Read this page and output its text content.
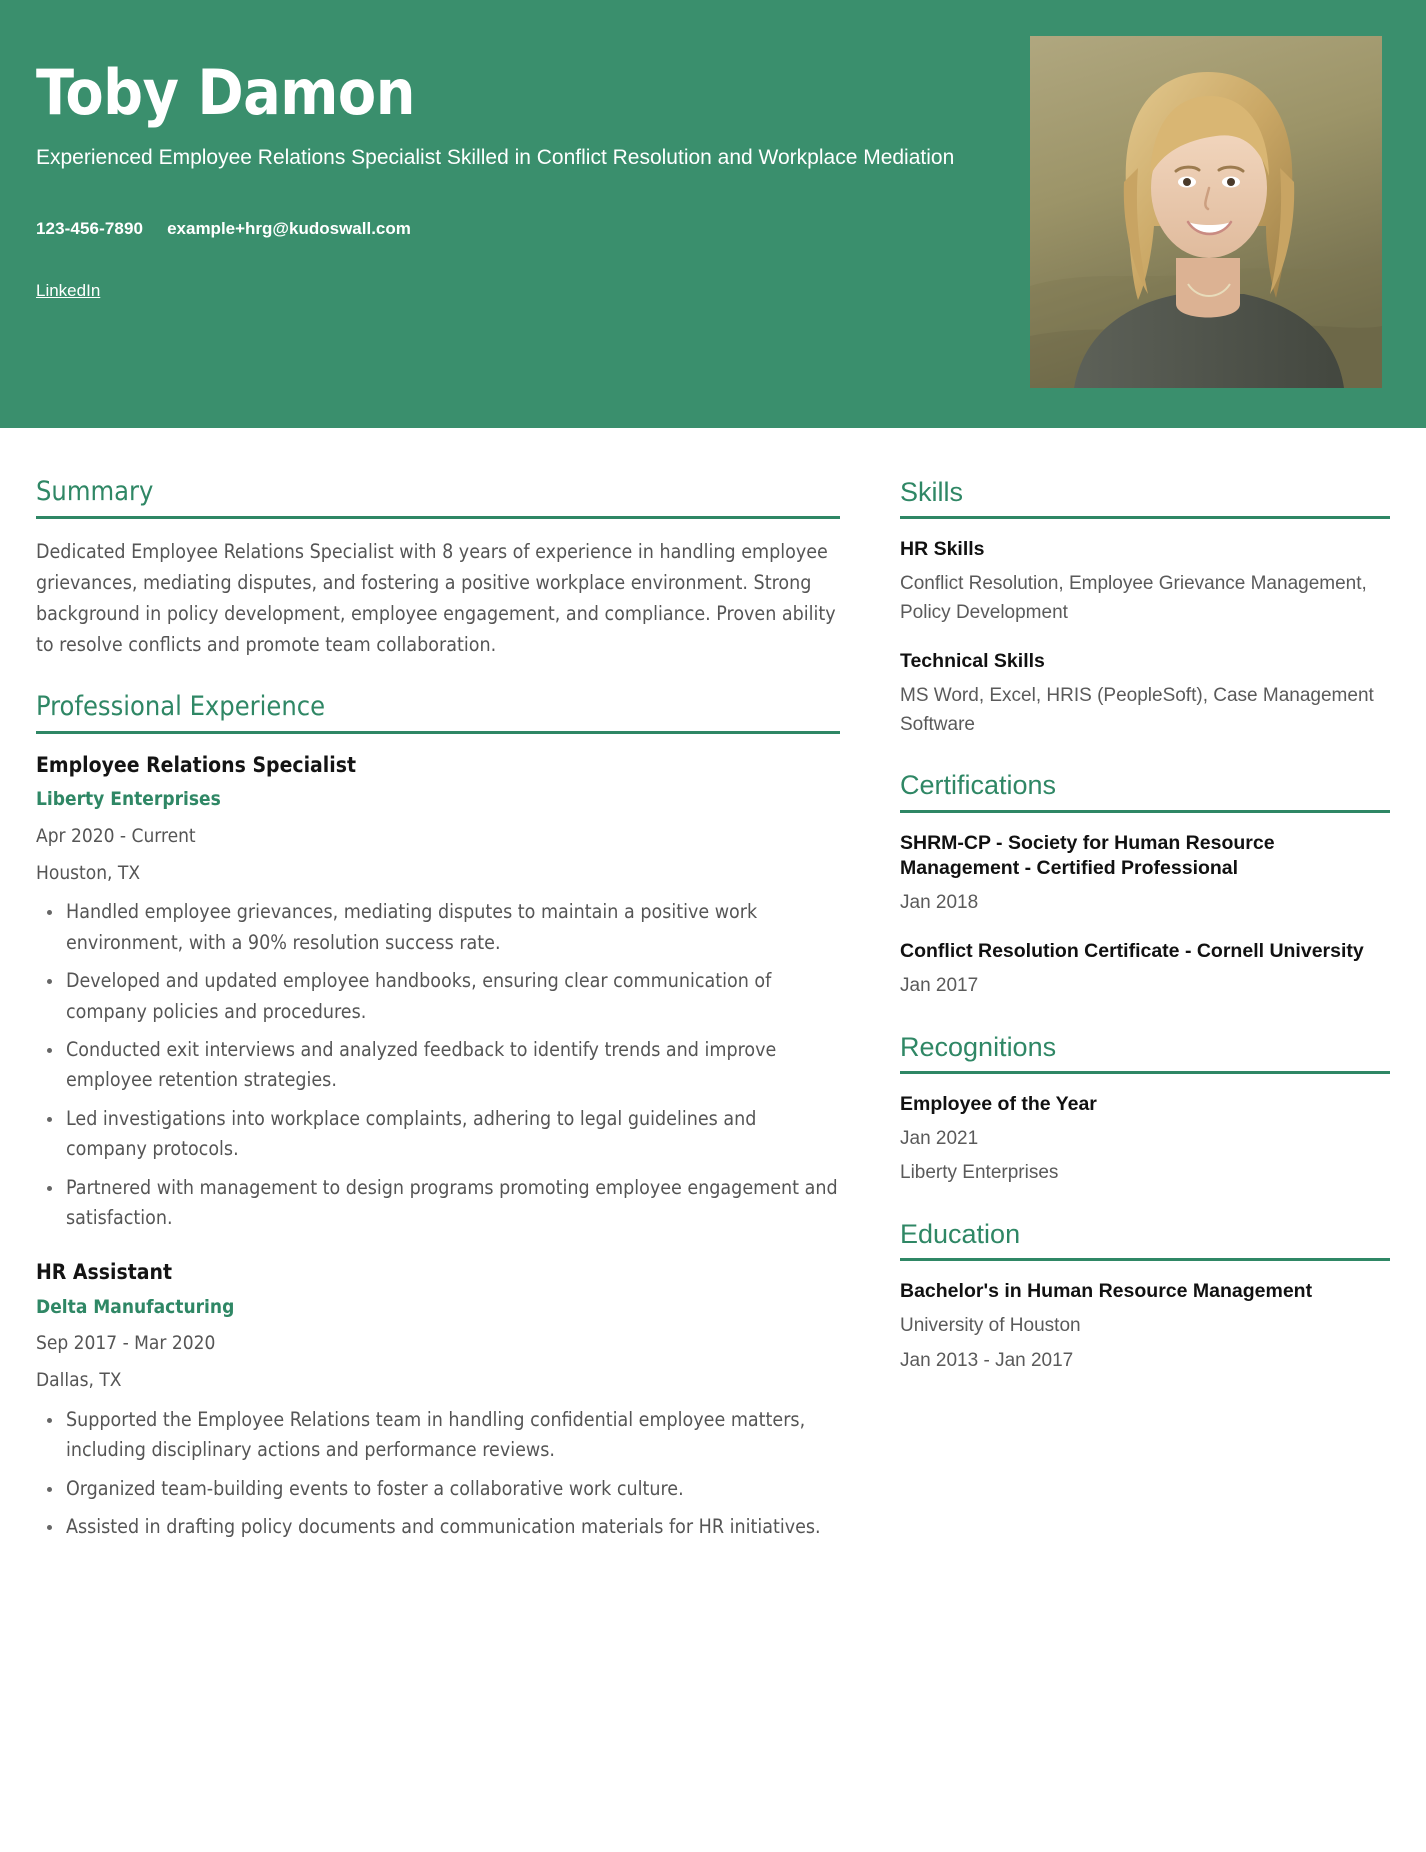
Toby Damon

Experienced Employee Relations Specialist Skilled in Conflict Resolution and Workplace Mediation

123-456-7890 example+hrg@kudoswall.com
LinkedIn
Summary

Dedicated Employee Relations Specialist with 8 years of experience in handling employee grievances, mediating disputes, and fostering a positive workplace environment. Strong background in policy development, employee engagement, and compliance. Proven ability to resolve conflicts and promote team collaboration.

Professional Experience
Employee Relations Specialist
Liberty Enterprises
Apr 2020 - Current
Houston, TX
Handled employee grievances, mediating disputes to maintain a positive work environment, with a 90% resolution success rate.
Developed and updated employee handbooks, ensuring clear communication of company policies and procedures.
Conducted exit interviews and analyzed feedback to identify trends and improve employee retention strategies.
Led investigations into workplace complaints, adhering to legal guidelines and company protocols.
Partnered with management to design programs promoting employee engagement and satisfaction.
HR Assistant
Delta Manufacturing
Sep 2017 - Mar 2020
Dallas, TX
Supported the Employee Relations team in handling confidential employee matters, including disciplinary actions and performance reviews.
Organized team-building events to foster a collaborative work culture.
Assisted in drafting policy documents and communication materials for HR initiatives.
Skills
HR Skills

Conflict Resolution, Employee Grievance Management, Policy Development

Technical Skills

MS Word, Excel, HRIS (PeopleSoft), Case Management Software

Certifications
SHRM-CP - Society for Human Resource Management - Certified Professional

Jan 2018

Conflict Resolution Certificate - Cornell University

Jan 2017

Recognitions
Employee of the Year

Jan 2021

Liberty Enterprises

Education
Bachelor's in Human Resource Management

University of Houston

Jan 2013 - Jan 2017
